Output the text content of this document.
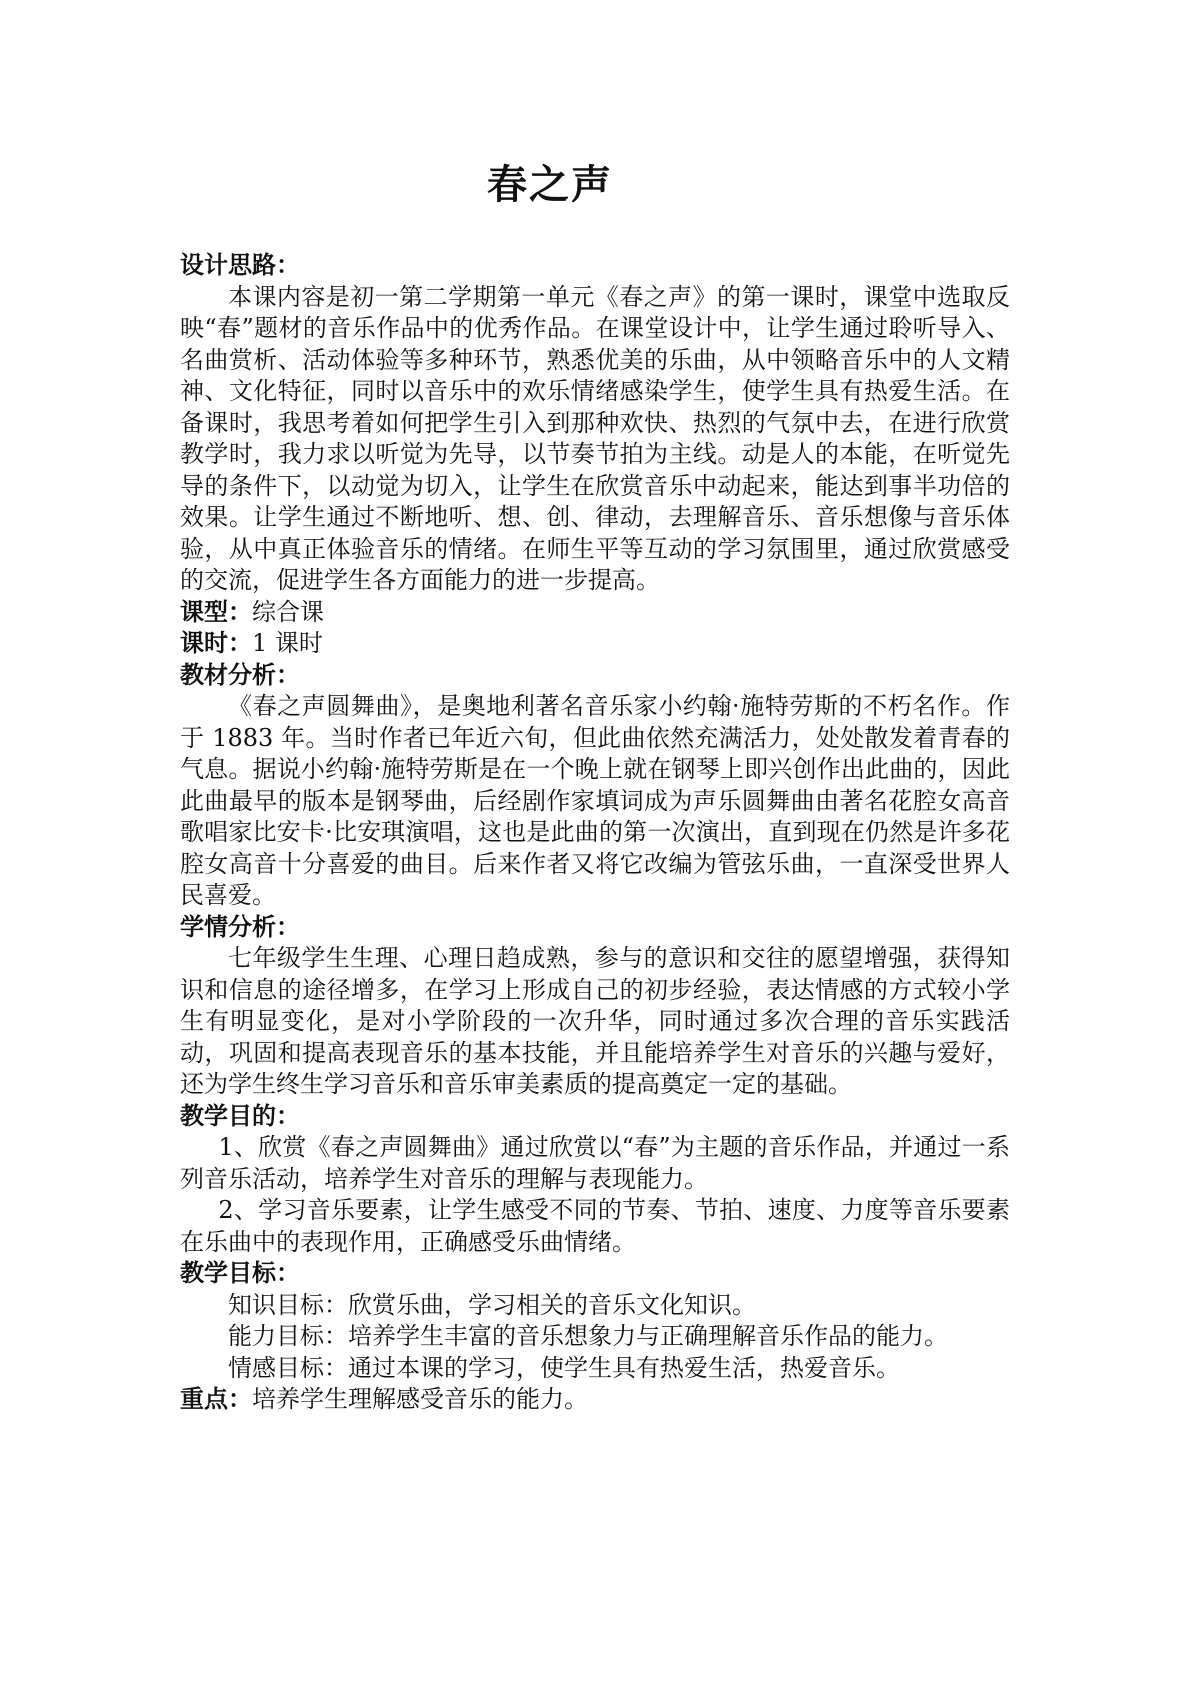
春之声
设计思路：

本课内容是初一第二学期第一单元《春之声》的第一课时，课堂中选取反映“春”题材的音乐作品中的优秀作品。在课堂设计中，让学生通过聆听导入、名曲赏析、活动体验等多种环节，熟悉优美的乐曲，从中领略音乐中的人文精神、文化特征，同时以音乐中的欢乐情绪感染学生，使学生具有热爱生活。在备课时，我思考着如何把学生引入到那种欢快、热烈的气氛中去，在进行欣赏教学时，我力求以听觉为先导，以节奏节拍为主线。动是人的本能，在听觉先导的条件下，以动觉为切入，让学生在欣赏音乐中动起来，能达到事半功倍的效果。让学生通过不断地听、想、创、律动，去理解音乐、音乐想像与音乐体验，从中真正体验音乐的情绪。在师生平等互动的学习氛围里，通过欣赏感受的交流，促进学生各方面能力的进一步提高。

课型：综合课
课时：1 课时
教材分析：

《春之声圆舞曲》，是奥地利著名音乐家小约翰·施特劳斯的不朽名作。作于 1883 年。当时作者已年近六旬，但此曲依然充满活力，处处散发着青春的气息。据说小约翰·施特劳斯是在一个晚上就在钢琴上即兴创作出此曲的，因此此曲最早的版本是钢琴曲，后经剧作家填词成为声乐圆舞曲由著名花腔女高音歌唱家比安卡·比安琪演唱，这也是此曲的第一次演出，直到现在仍然是许多花腔女高音十分喜爱的曲目。后来作者又将它改编为管弦乐曲，一直深受世界人民喜爱。

学情分析：

七年级学生生理、心理日趋成熟，参与的意识和交往的愿望增强，获得知识和信息的途径增多，在学习上形成自己的初步经验，表达情感的方式较小学生有明显变化，是对小学阶段的一次升华，同时通过多次合理的音乐实践活动，巩固和提高表现音乐的基本技能，并且能培养学生对音乐的兴趣与爱好，还为学生终生学习音乐和音乐审美素质的提高奠定一定的基础。

教学目的：

1、欣赏《春之声圆舞曲》通过欣赏以“春”为主题的音乐作品，并通过一系列音乐活动，培养学生对音乐的理解与表现能力。

2、学习音乐要素，让学生感受不同的节奏、节拍、速度、力度等音乐要素在乐曲中的表现作用，正确感受乐曲情绪。

教学目标：

知识目标：欣赏乐曲，学习相关的音乐文化知识。

能力目标：培养学生丰富的音乐想象力与正确理解音乐作品的能力。

情感目标：通过本课的学习，使学生具有热爱生活，热爱音乐。

重点：培养学生理解感受音乐的能力。
